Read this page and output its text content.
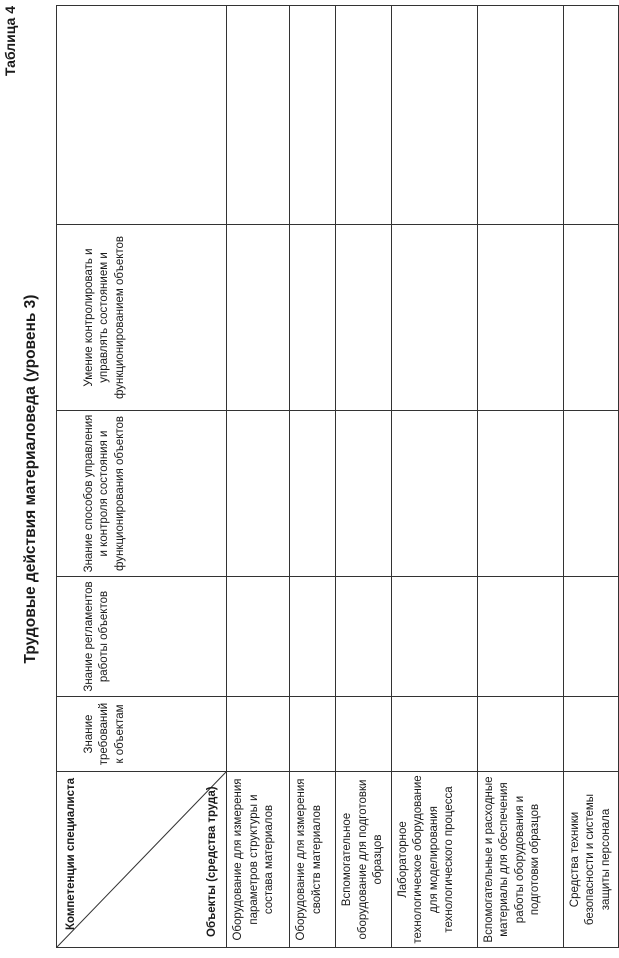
Таблица 4
Трудовые действия материаловеда (уровень 3)
Компетенции специалиста Объекты (средства труда)	Знание требований к объектам	Знание регламентов работы объектов	Знание способов управления и контроля состояния и функционирования объектов	Умение контролировать и управлять состоянием и функционированием объектов	

Оборудование для измерения параметров структуры и состава материалов					
Оборудование для измерения свойств материалов					
Вспомогательное оборудование для подготовки образцов					
Лабораторное технологическое оборудование для моделирования технологического процесса					
Вспомогательные и расходные материалы для обеспечения работы оборудования и подготовки образцов					
Средства техники безопасности и системы защиты персонала					
